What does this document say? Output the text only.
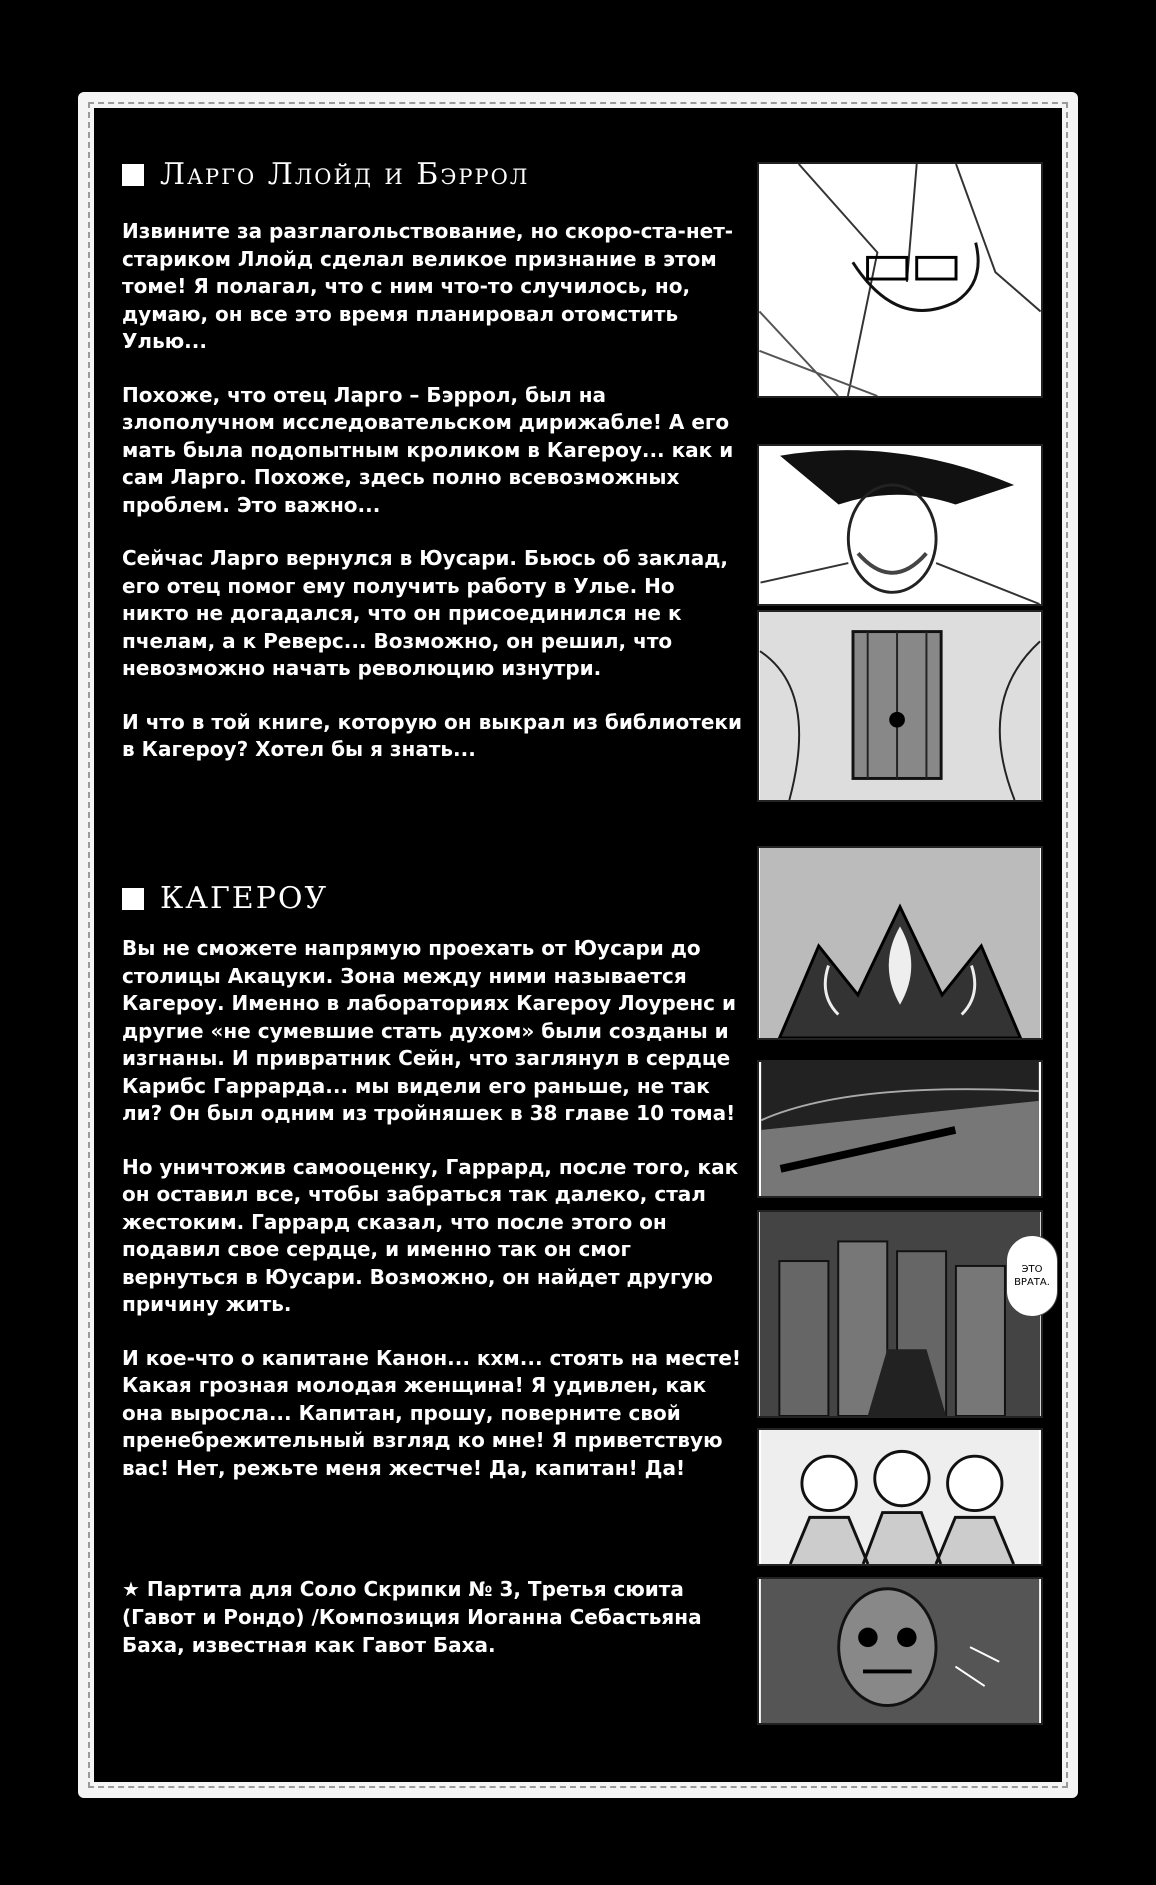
Ларго Ллойд и Бэррол

Извините за разглагольствование, но скоро-ста-нет-стариком Ллойд сделал великое признание в этом томе! Я полагал, что с ним что-то случилось, но, думаю, он все это время планировал отомстить Улью...

Похоже, что отец Ларго – Бэррол, был на злополучном исследовательском дирижабле! А его мать была подопытным кроликом в Кагероу... как и сам Ларго. Похоже, здесь полно всевозможных проблем. Это важно...

Сейчас Ларго вернулся в Юусари. Бьюсь об заклад, его отец помог ему получить работу в Улье. Но никто не догадался, что он присоединился не к пчелам, а к Реверс... Возможно, он решил, что невозможно начать революцию изнутри.

И что в той книге, которую он выкрал из библиотеки в Кагероу? Хотел бы я знать...

КАГЕРОУ

Вы не сможете напрямую проехать от Юусари до столицы Акацуки. Зона между ними называется Кагероу. Именно в лабораториях Кагероу Лоуренс и другие «не сумевшие стать духом» были созданы и изгнаны. И привратник Сейн, что заглянул в сердце Карибс Гаррарда... мы видели его раньше, не так ли? Он был одним из тройняшек в 38 главе 10 тома!

Но уничтожив самооценку, Гаррард, после того, как он оставил все, чтобы забраться так далеко, стал жестоким. Гаррард сказал, что после этого он подавил свое сердце, и именно так он смог вернуться в Юусари. Возможно, он найдет другую причину жить.

И кое-что о капитане Канон... кхм... стоять на месте! Какая грозная молодая женщина! Я удивлен, как она выросла... Капитан, прошу, поверните свой пренебрежительный взгляд ко мне! Я приветствую вас! Нет, режьте меня жестче! Да, капитан! Да!

★ Партита для Соло Скрипки № 3, Третья сюита (Гавот и Рондо) /Композиция Иоганна Себастьяна Баха, известная как Гавот Баха.
ЭТО
ВРАТА.
